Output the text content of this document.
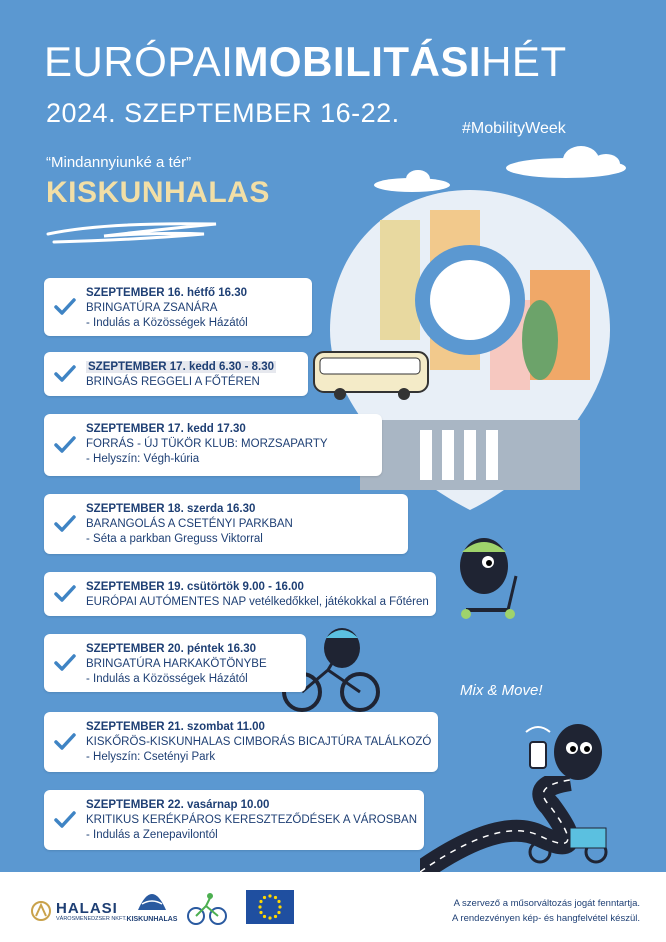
EURÓPAIMOBILITÁSIHÉT
2024. SZEPTEMBER 16-22.
#MobilityWeek
“Mindannyiunké a tér”
KISKUNHALAS
Mix & Move!
SZEPTEMBER 16. hétfő 16.30
BRINGATÚRA ZSANÁRA
- Indulás a Közösségek Házától
SZEPTEMBER 17. kedd 6.30 - 8.30
BRINGÁS REGGELI A FŐTÉREN
SZEPTEMBER 17. kedd 17.30
FORRÁS - ÚJ TÜKÖR KLUB: MORZSAPARTY
- Helyszín: Végh-kúria
SZEPTEMBER 18. szerda 16.30
BARANGOLÁS A CSETÉNYI PARKBAN
- Séta a parkban Greguss Viktorral
SZEPTEMBER 19. csütörtök 9.00 - 16.00
EURÓPAI AUTÓMENTES NAP vetélkedőkkel, játékokkal a Főtéren
SZEPTEMBER 20. péntek 16.30
BRINGATÚRA HARKAKÖTÖNYBE
- Indulás a Közösségek Házától
SZEPTEMBER 21. szombat 11.00
KISKŐRÖS-KISKUNHALAS CIMBORÁS BICAJTÚRA TALÁLKOZÓ
- Helyszín: Csetényi Park
SZEPTEMBER 22. vasárnap 10.00
KRITIKUS KERÉKPÁROS KERESZTEZŐDÉSEK A VÁROSBAN
- Indulás a Zenepavilontól
HALASI
VÁROSMENEDZSER NKFT. KISKUNHALAS
A szervező a műsorváltozás jogát fenntartja.
A rendezvényen kép- és hangfelvétel készül.
